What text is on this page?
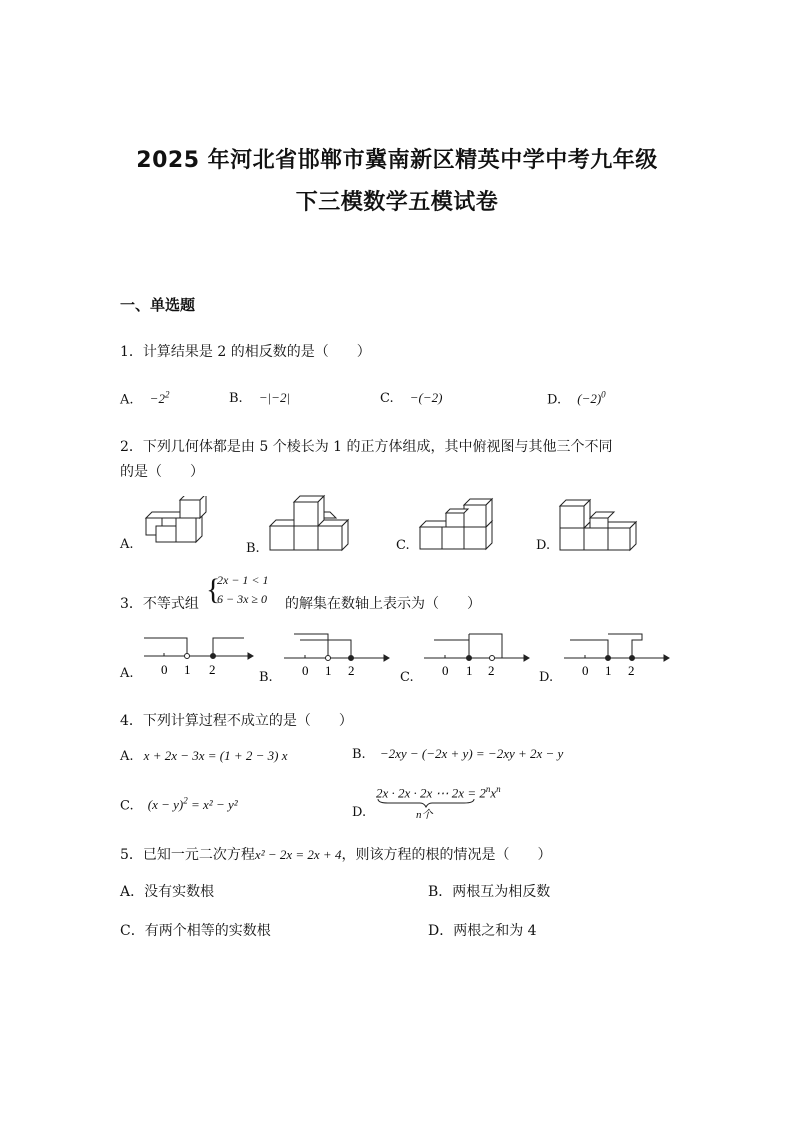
2025 年河北省邯郸市冀南新区精英中学中考九年级
下三模数学五模试卷
一、单选题
1．计算结果是 2 的相反数的是（　　）
A. $-2^2$	B. −|−2|	C. −(−2)	D. $(-2)^0$
2．下列几何体都是由 5 个棱长为 1 的正方体组成，其中俯视图与其他三个不同
的是（　　）
A.	B.	C.	D.
3．不等式组 {
2x − 1 < 1
6 − 3x ≥ 0 的解集在数轴上表示为（　　）
A. 0 1 2
B. 0 1 2	C. 0 1 2	D. 0 1 2
4．下列计算过程不成立的是（　　）
A. x + 2x − 3x = (1 + 2 − 3) x	B. −2xy − (−2x + y) = −2xy + 2x − y
C. $(x - y)^2 = x^2 - y^2$
D.
2x · 2x · 2x ⋯ $2x = 2^nx^n$
n个
5．已知一元二次方程x² − 2x = 2x + 4，则该方程的根的情况是（　　）
A．没有实数根	B．两根互为相反数
C．有两个相等的实数根	D．两根之和为 4
